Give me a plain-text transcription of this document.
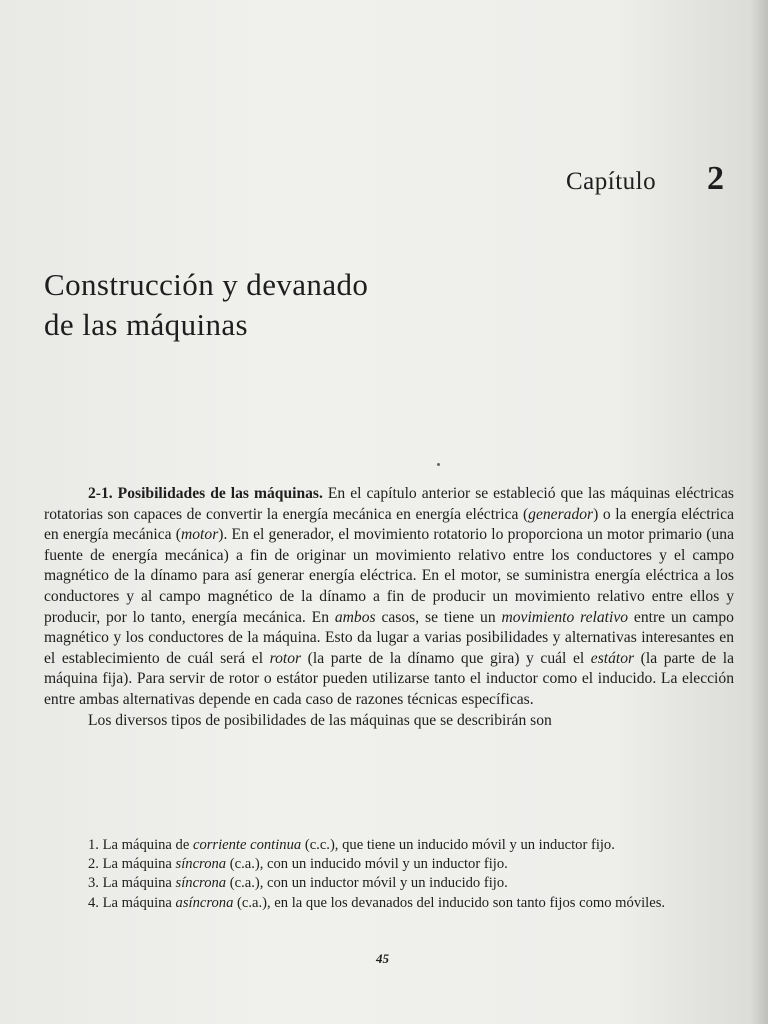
Capítulo 2
Construcción y devanado
de las máquinas

2-1. Posibilidades de las máquinas. En el capítulo anterior se estableció que las máquinas eléctricas rotatorias son capaces de convertir la energía mecánica en energía eléctrica (generador) o la energía eléctrica en energía mecánica (motor). En el generador, el movimiento rotatorio lo proporciona un motor primario (una fuente de energía mecánica) a fin de originar un movimiento relativo entre los conductores y el campo magnético de la dínamo para así generar energía eléctrica. En el motor, se suministra energía eléctrica a los conductores y al campo magnético de la dínamo a fin de producir un movimiento relativo entre ellos y producir, por lo tanto, energía mecánica. En ambos casos, se tiene un movimiento relativo entre un campo magnético y los conductores de la máquina. Esto da lugar a varias posibilidades y alternativas interesantes en el establecimiento de cuál será el rotor (la parte de la dínamo que gira) y cuál el estátor (la parte de la máquina fija). Para servir de rotor o estátor pueden utilizarse tanto el inductor como el inducido. La elección entre ambas alternativas depende en cada caso de razones técnicas específicas.

Los diversos tipos de posibilidades de las máquinas que se describirán son

1. La máquina de corriente continua (c.c.), que tiene un inducido móvil y un inductor fijo.
2. La máquina síncrona (c.a.), con un inducido móvil y un inductor fijo.
3. La máquina síncrona (c.a.), con un inductor móvil y un inducido fijo.
4. La máquina asíncrona (c.a.), en la que los devanados del inducido son tanto fijos como móviles.
45
